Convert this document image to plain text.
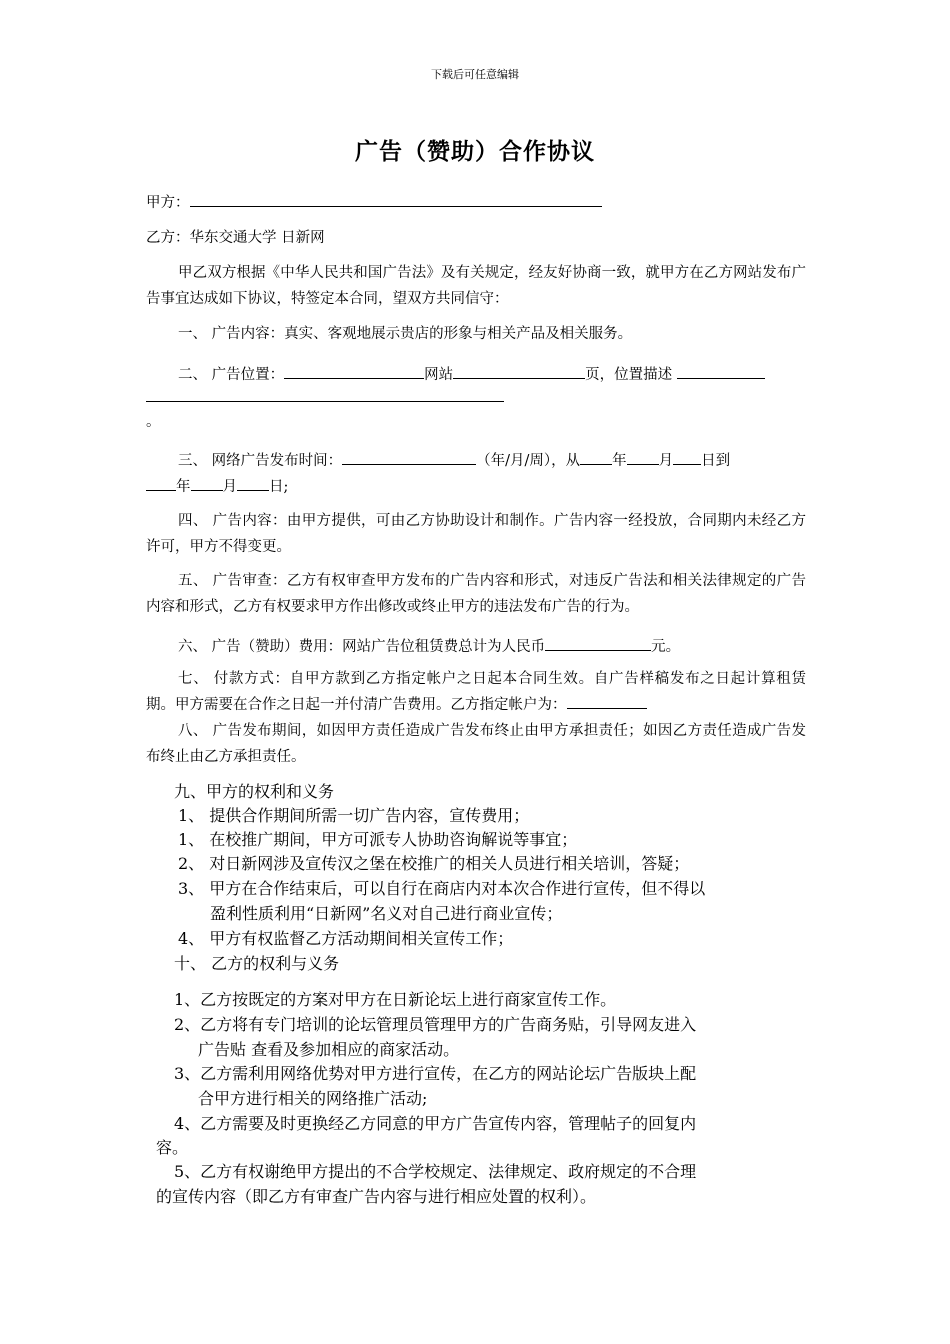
下载后可任意编辑
广告（赞助）合作协议
甲方：
乙方：华东交通大学 日新网
甲乙双方根据《中华人民共和国广告法》及有关规定，经友好协商一致，就甲方在乙方网站发布广告事宜达成如下协议，特签定本合同，望双方共同信守：
一、 广告内容：真实、客观地展示贵店的形象与相关产品及相关服务。
二、 广告位置：	网站	页，位置描述
。
三、 网络广告发布时间：	（年/月/周），从 年 月 日到
年 月 日;
四、 广告内容：由甲方提供，可由乙方协助设计和制作。广告内容一经投放，合同期内未经乙方许可，甲方不得变更。
五、 广告审查：乙方有权审查甲方发布的广告内容和形式，对违反广告法和相关法律规定的广告内容和形式，乙方有权要求甲方作出修改或终止甲方的违法发布广告的行为。
六、 广告（赞助）费用：网站广告位租赁费总计为人民币	元。
七、 付款方式：自甲方款到乙方指定帐户之日起本合同生效。自广告样稿发布之日起计算租赁期。甲方需要在合作之日起一并付清广告费用。乙方指定帐户为：
八、 广告发布期间，如因甲方责任造成广告发布终止由甲方承担责任；如因乙方责任造成广告发布终止由乙方承担责任。
九、甲方的权利和义务
1、 提供合作期间所需一切广告内容，宣传费用；
1、 在校推广期间，甲方可派专人协助咨询解说等事宜；
2、 对日新网涉及宣传汉之堡在校推广的相关人员进行相关培训，答疑；
3、 甲方在合作结束后，可以自行在商店内对本次合作进行宣传，但不得以
盈利性质利用“日新网”名义对自己进行商业宣传；
4、 甲方有权监督乙方活动期间相关宣传工作；
十、 乙方的权利与义务
1、乙方按既定的方案对甲方在日新论坛上进行商家宣传工作。
2、乙方将有专门培训的论坛管理员管理甲方的广告商务贴，引导网友进入
广告贴 查看及参加相应的商家活动。
3、乙方需利用网络优势对甲方进行宣传，在乙方的网站论坛广告版块上配
合甲方进行相关的网络推广活动;
4、乙方需要及时更换经乙方同意的甲方广告宣传内容，管理帖子的回复内
容。
5、乙方有权谢绝甲方提出的不合学校规定、法律规定、政府规定的不合理
的宣传内容（即乙方有审查广告内容与进行相应处置的权利）。
